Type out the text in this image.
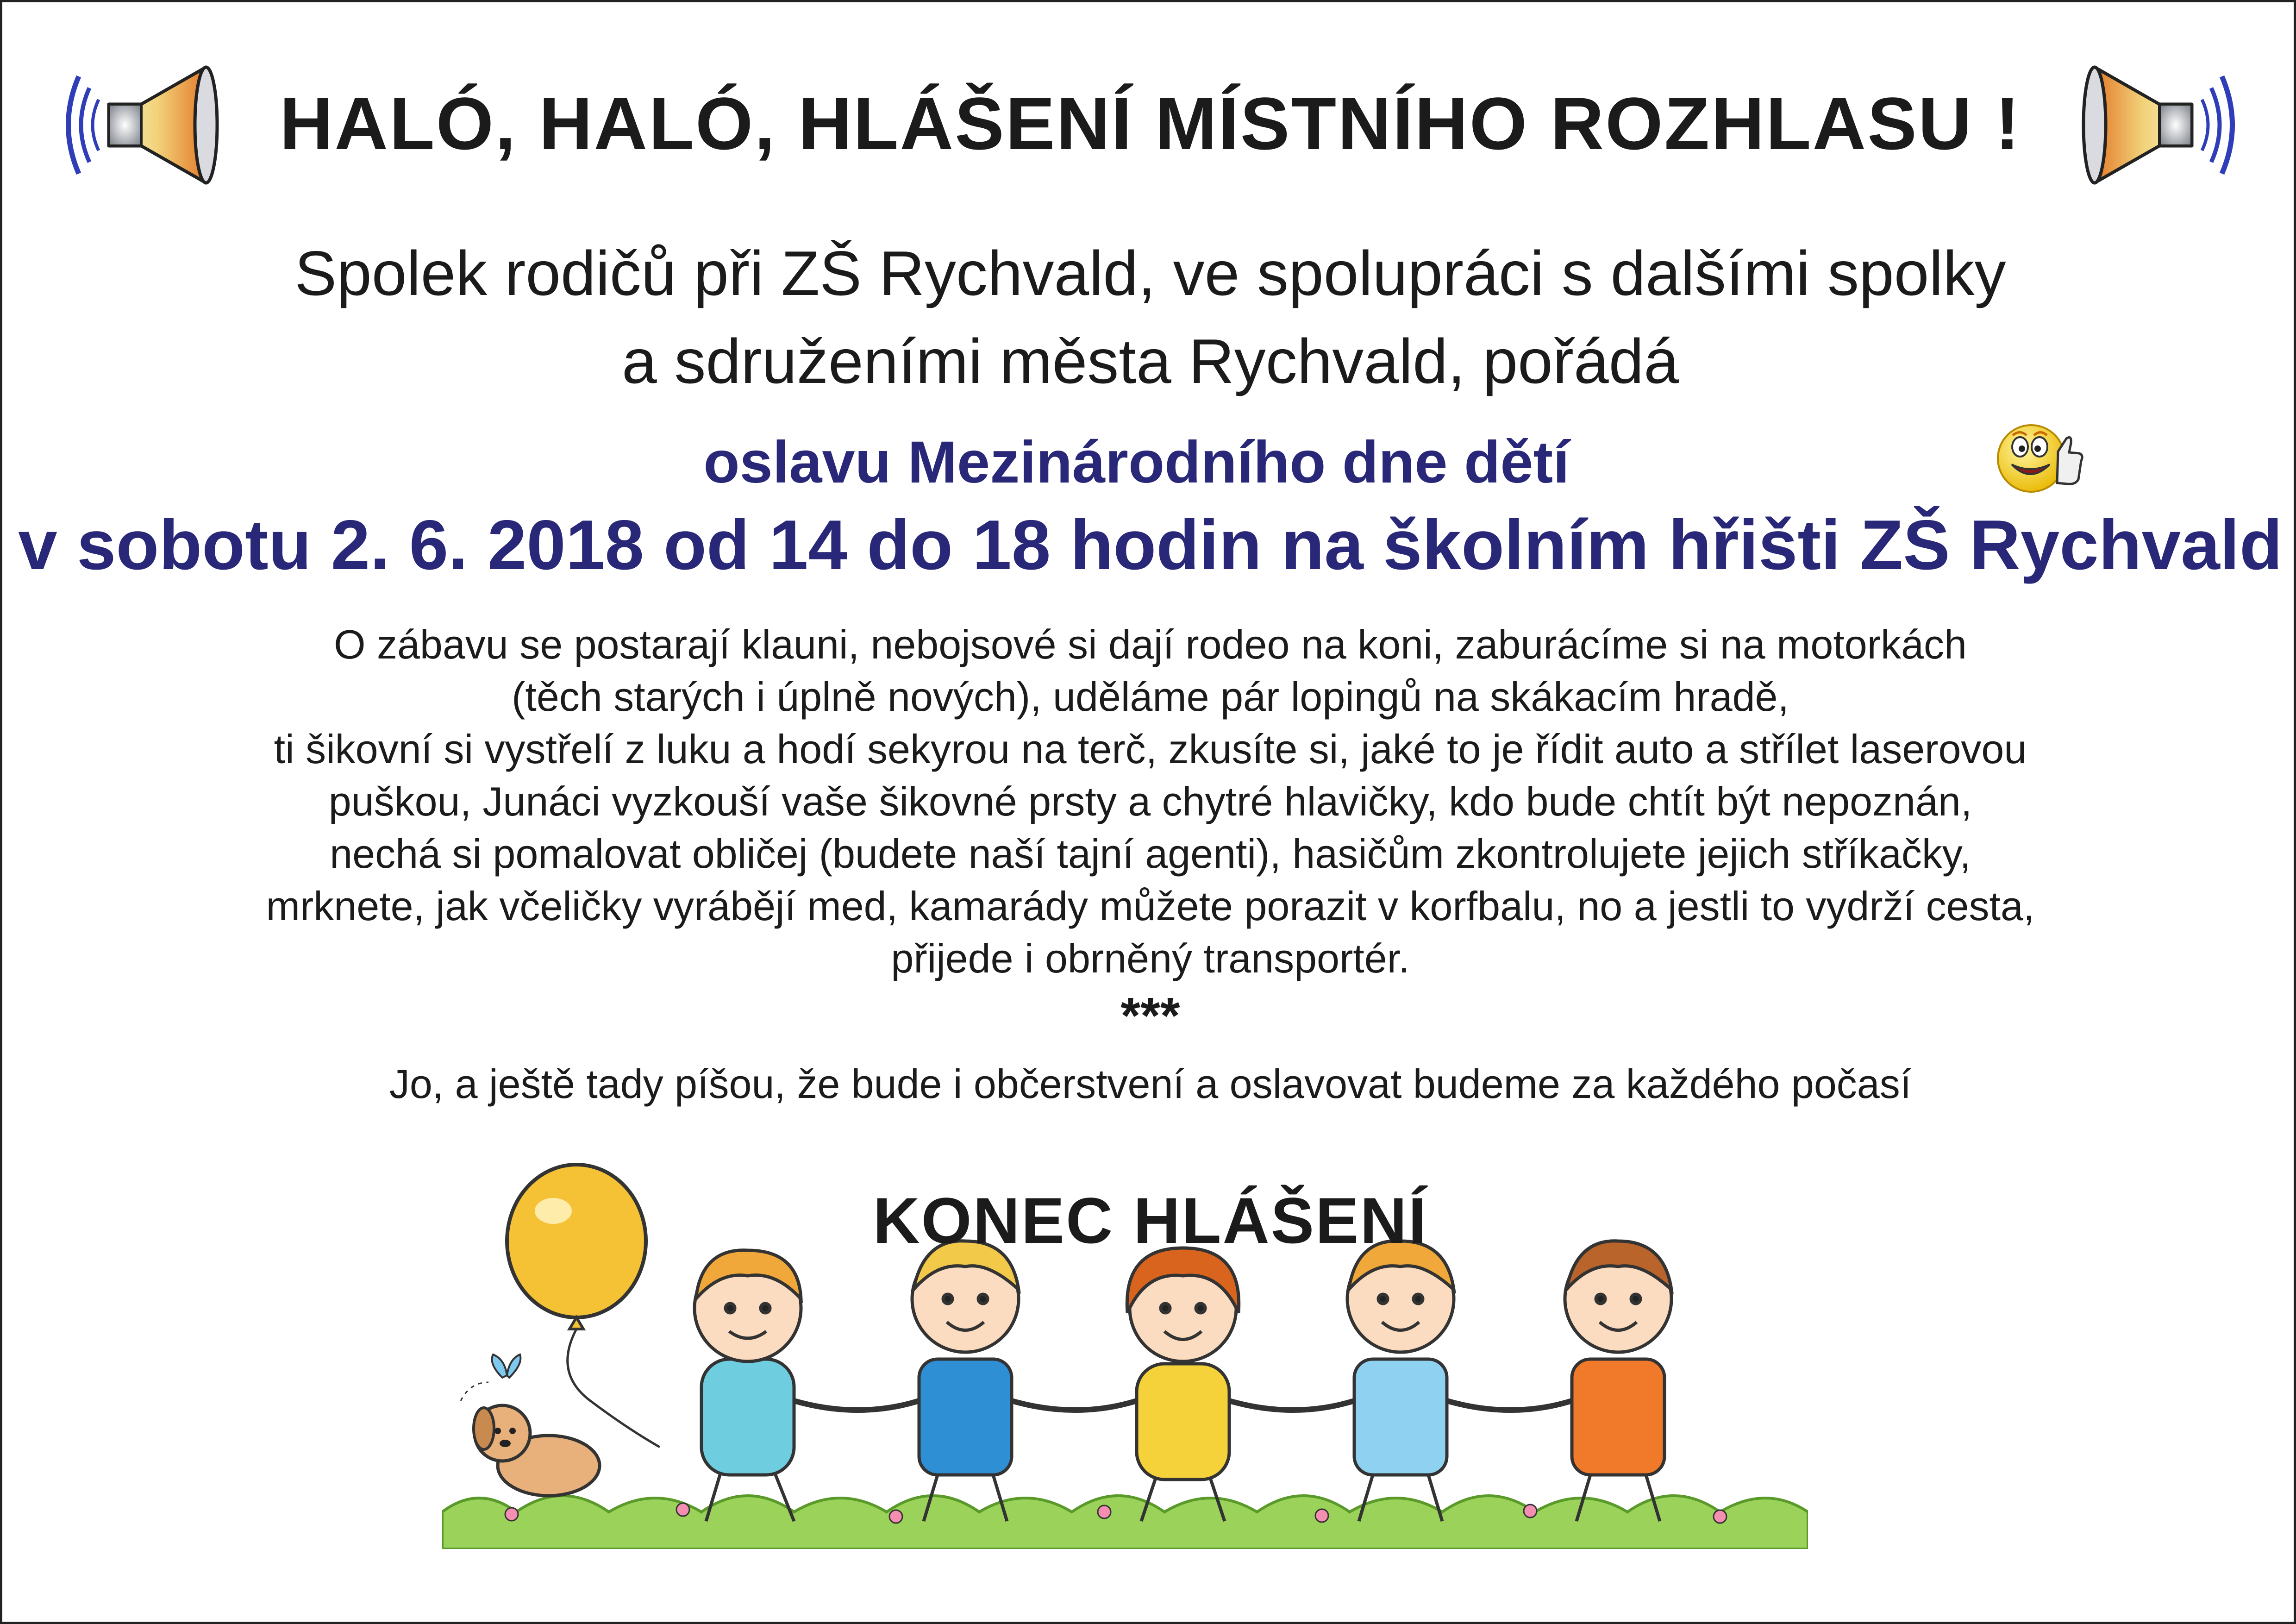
HALÓ, HALÓ, HLÁŠENÍ MÍSTNÍHO ROZHLASU !
Spolek rodičů při ZŠ Rychvald, ve spolupráci s dalšími spolky
a sdruženími města Rychvald, pořádá
oslavu Mezinárodního dne dětí
v sobotu 2. 6. 2018 od 14 do 18 hodin na školním hřišti ZŠ Rychvald
O zábavu se postarají klauni, nebojsové si dají rodeo na koni, zaburácíme si na motorkách
(těch starých i úplně nových), uděláme pár lopingů na skákacím hradě,
ti šikovní si vystřelí z luku a hodí sekyrou na terč, zkusíte si, jaké to je řídit auto a střílet laserovou
puškou, Junáci vyzkouší vaše šikovné prsty a chytré hlavičky, kdo bude chtít být nepoznán,
nechá si pomalovat obličej (budete naší tajní agenti), hasičům zkontrolujete jejich stříkačky,
mrknete, jak včeličky vyrábějí med, kamarády můžete porazit v korfbalu, no a jestli to vydrží cesta,
přijede i obrněný transportér.
***
Jo, a ještě tady píšou, že bude i občerstvení a oslavovat budeme za každého počasí
KONEC HLÁŠENÍ
